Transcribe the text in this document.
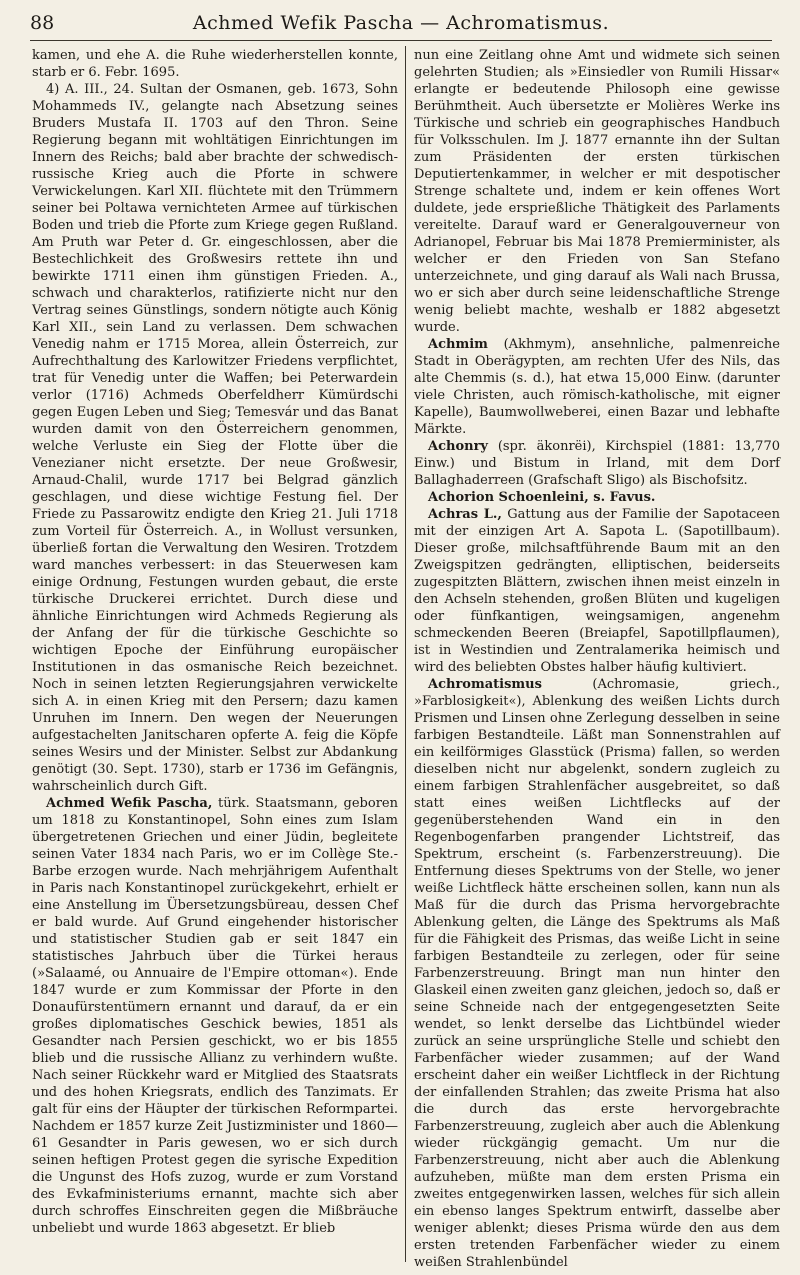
88	Achmed Wefik Pascha — Achromatismus.

kamen, und ehe A. die Ruhe wiederherstellen konnte, starb er 6. Febr. 1695.

4) A. III., 24. Sultan der Osmanen, geb. 1673, Sohn Mohammeds IV., gelangte nach Absetzung seines Bruders Mustafa II. 1703 auf den Thron. Seine Regierung begann mit wohltätigen Einrichtungen im Innern des Reichs; bald aber brachte der schwedisch-russische Krieg auch die Pforte in schwere Verwickelungen. Karl XII. flüchtete mit den Trümmern seiner bei Poltawa vernichteten Armee auf türkischen Boden und trieb die Pforte zum Kriege gegen Rußland. Am Pruth war Peter d. Gr. eingeschlossen, aber die Bestechlichkeit des Großwesirs rettete ihn und bewirkte 1711 einen ihm günstigen Frieden. A., schwach und charakterlos, ratifizierte nicht nur den Vertrag seines Günstlings, sondern nötigte auch König Karl XII., sein Land zu verlassen. Dem schwachen Venedig nahm er 1715 Morea, allein Österreich, zur Aufrechthaltung des Karlowitzer Friedens verpflichtet, trat für Venedig unter die Waffen; bei Peterwardein verlor (1716) Achmeds Oberfeldherr Kümürdschi gegen Eugen Leben und Sieg; Temesvár und das Banat wurden damit von den Österreichern genommen, welche Verluste ein Sieg der Flotte über die Venezianer nicht ersetzte. Der neue Großwesir, Arnaud-Chalil, wurde 1717 bei Belgrad gänzlich geschlagen, und diese wichtige Festung fiel. Der Friede zu Passarowitz endigte den Krieg 21. Juli 1718 zum Vorteil für Österreich. A., in Wollust versunken, überließ fortan die Verwaltung den Wesiren. Trotzdem ward manches verbessert: in das Steuerwesen kam einige Ordnung, Festungen wurden gebaut, die erste türkische Druckerei errichtet. Durch diese und ähnliche Einrichtungen wird Achmeds Regierung als der Anfang der für die türkische Geschichte so wichtigen Epoche der Einführung europäischer Institutionen in das osmanische Reich bezeichnet. Noch in seinen letzten Regierungsjahren verwickelte sich A. in einen Krieg mit den Persern; dazu kamen Unruhen im Innern. Den wegen der Neuerungen aufgestachelten Janitscharen opferte A. feig die Köpfe seines Wesirs und der Minister. Selbst zur Abdankung genötigt (30. Sept. 1730), starb er 1736 im Gefängnis, wahrscheinlich durch Gift.

Achmed Wefik Pascha, türk. Staatsmann, geboren um 1818 zu Konstantinopel, Sohn eines zum Islam übergetretenen Griechen und einer Jüdin, begleitete seinen Vater 1834 nach Paris, wo er im Collège Ste.-Barbe erzogen wurde. Nach mehrjährigem Aufenthalt in Paris nach Konstantinopel zurückgekehrt, erhielt er eine Anstellung im Übersetzungsbüreau, dessen Chef er bald wurde. Auf Grund eingehender historischer und statistischer Studien gab er seit 1847 ein statistisches Jahrbuch über die Türkei heraus (»Salaamé, ou Annuaire de l'Empire ottoman«). Ende 1847 wurde er zum Kommissar der Pforte in den Donaufürstentümern ernannt und darauf, da er ein großes diplomatisches Geschick bewies, 1851 als Gesandter nach Persien geschickt, wo er bis 1855 blieb und die russische Allianz zu verhindern wußte. Nach seiner Rückkehr ward er Mitglied des Staatsrats und des hohen Kriegsrats, endlich des Tanzimats. Er galt für eins der Häupter der türkischen Reformpartei. Nachdem er 1857 kurze Zeit Justizminister und 1860—61 Gesandter in Paris gewesen, wo er sich durch seinen heftigen Protest gegen die syrische Expedition die Ungunst des Hofs zuzog, wurde er zum Vorstand des Evkafministeriums ernannt, machte sich aber durch schroffes Einschreiten gegen die Mißbräuche unbeliebt und wurde 1863 abgesetzt. Er blieb

nun eine Zeitlang ohne Amt und widmete sich seinen gelehrten Studien; als »Einsiedler von Rumili Hissar« erlangte er bedeutende Philosoph eine gewisse Berühmtheit. Auch übersetzte er Molières Werke ins Türkische und schrieb ein geographisches Handbuch für Volksschulen. Im J. 1877 ernannte ihn der Sultan zum Präsidenten der ersten türkischen Deputiertenkammer, in welcher er mit despotischer Strenge schaltete und, indem er kein offenes Wort duldete, jede ersprießliche Thätigkeit des Parlaments vereitelte. Darauf ward er Generalgouverneur von Adrianopel, Februar bis Mai 1878 Premierminister, als welcher er den Frieden von San Stefano unterzeichnete, und ging darauf als Wali nach Brussa, wo er sich aber durch seine leidenschaftliche Strenge wenig beliebt machte, weshalb er 1882 abgesetzt wurde.

Achmim (Akhmym), ansehnliche, palmenreiche Stadt in Oberägypten, am rechten Ufer des Nils, das alte Chemmis (s. d.), hat etwa 15,000 Einw. (darunter viele Christen, auch römisch-katholische, mit eigner Kapelle), Baumwollweberei, einen Bazar und lebhafte Märkte.

Achonry (spr. äkonrëi), Kirchspiel (1881: 13,770 Einw.) und Bistum in Irland, mit dem Dorf Ballaghaderreen (Grafschaft Sligo) als Bischofsitz.

Achorion Schoenleini, s. Favus.

Achras L., Gattung aus der Familie der Sapotaceen mit der einzigen Art A. Sapota L. (Sapotillbaum). Dieser große, milchsaftführende Baum mit an den Zweigspitzen gedrängten, elliptischen, beiderseits zugespitzten Blättern, zwischen ihnen meist einzeln in den Achseln stehenden, großen Blüten und kugeligen oder fünfkantigen, weingsamigen, angenehm schmeckenden Beeren (Breiapfel, Sapotillpflaumen), ist in Westindien und Zentralamerika heimisch und wird des beliebten Obstes halber häufig kultiviert.

Achromatismus (Achromasie, griech., »Farblosigkeit«), Ablenkung des weißen Lichts durch Prismen und Linsen ohne Zerlegung desselben in seine farbigen Bestandteile. Läßt man Sonnenstrahlen auf ein keilförmiges Glasstück (Prisma) fallen, so werden dieselben nicht nur abgelenkt, sondern zugleich zu einem farbigen Strahlenfächer ausgebreitet, so daß statt eines weißen Lichtflecks auf der gegenüberstehenden Wand ein in den Regenbogenfarben prangender Lichtstreif, das Spektrum, erscheint (s. Farbenzerstreuung). Die Entfernung dieses Spektrums von der Stelle, wo jener weiße Lichtfleck hätte erscheinen sollen, kann nun als Maß für die durch das Prisma hervorgebrachte Ablenkung gelten, die Länge des Spektrums als Maß für die Fähigkeit des Prismas, das weiße Licht in seine farbigen Bestandteile zu zerlegen, oder für seine Farbenzerstreuung. Bringt man nun hinter den Glaskeil einen zweiten ganz gleichen, jedoch so, daß er seine Schneide nach der entgegengesetzten Seite wendet, so lenkt derselbe das Lichtbündel wieder zurück an seine ursprüngliche Stelle und schiebt den Farbenfächer wieder zusammen; auf der Wand erscheint daher ein weißer Lichtfleck in der Richtung der einfallenden Strahlen; das zweite Prisma hat also die durch das erste hervorgebrachte Farbenzerstreuung, zugleich aber auch die Ablenkung wieder rückgängig gemacht. Um nur die Farbenzerstreuung, nicht aber auch die Ablenkung aufzuheben, müßte man dem ersten Prisma ein zweites entgegenwirken lassen, welches für sich allein ein ebenso langes Spektrum entwirft, dasselbe aber weniger ablenkt; dieses Prisma würde den aus dem ersten tretenden Farbenfächer wieder zu einem weißen Strahlenbündel
